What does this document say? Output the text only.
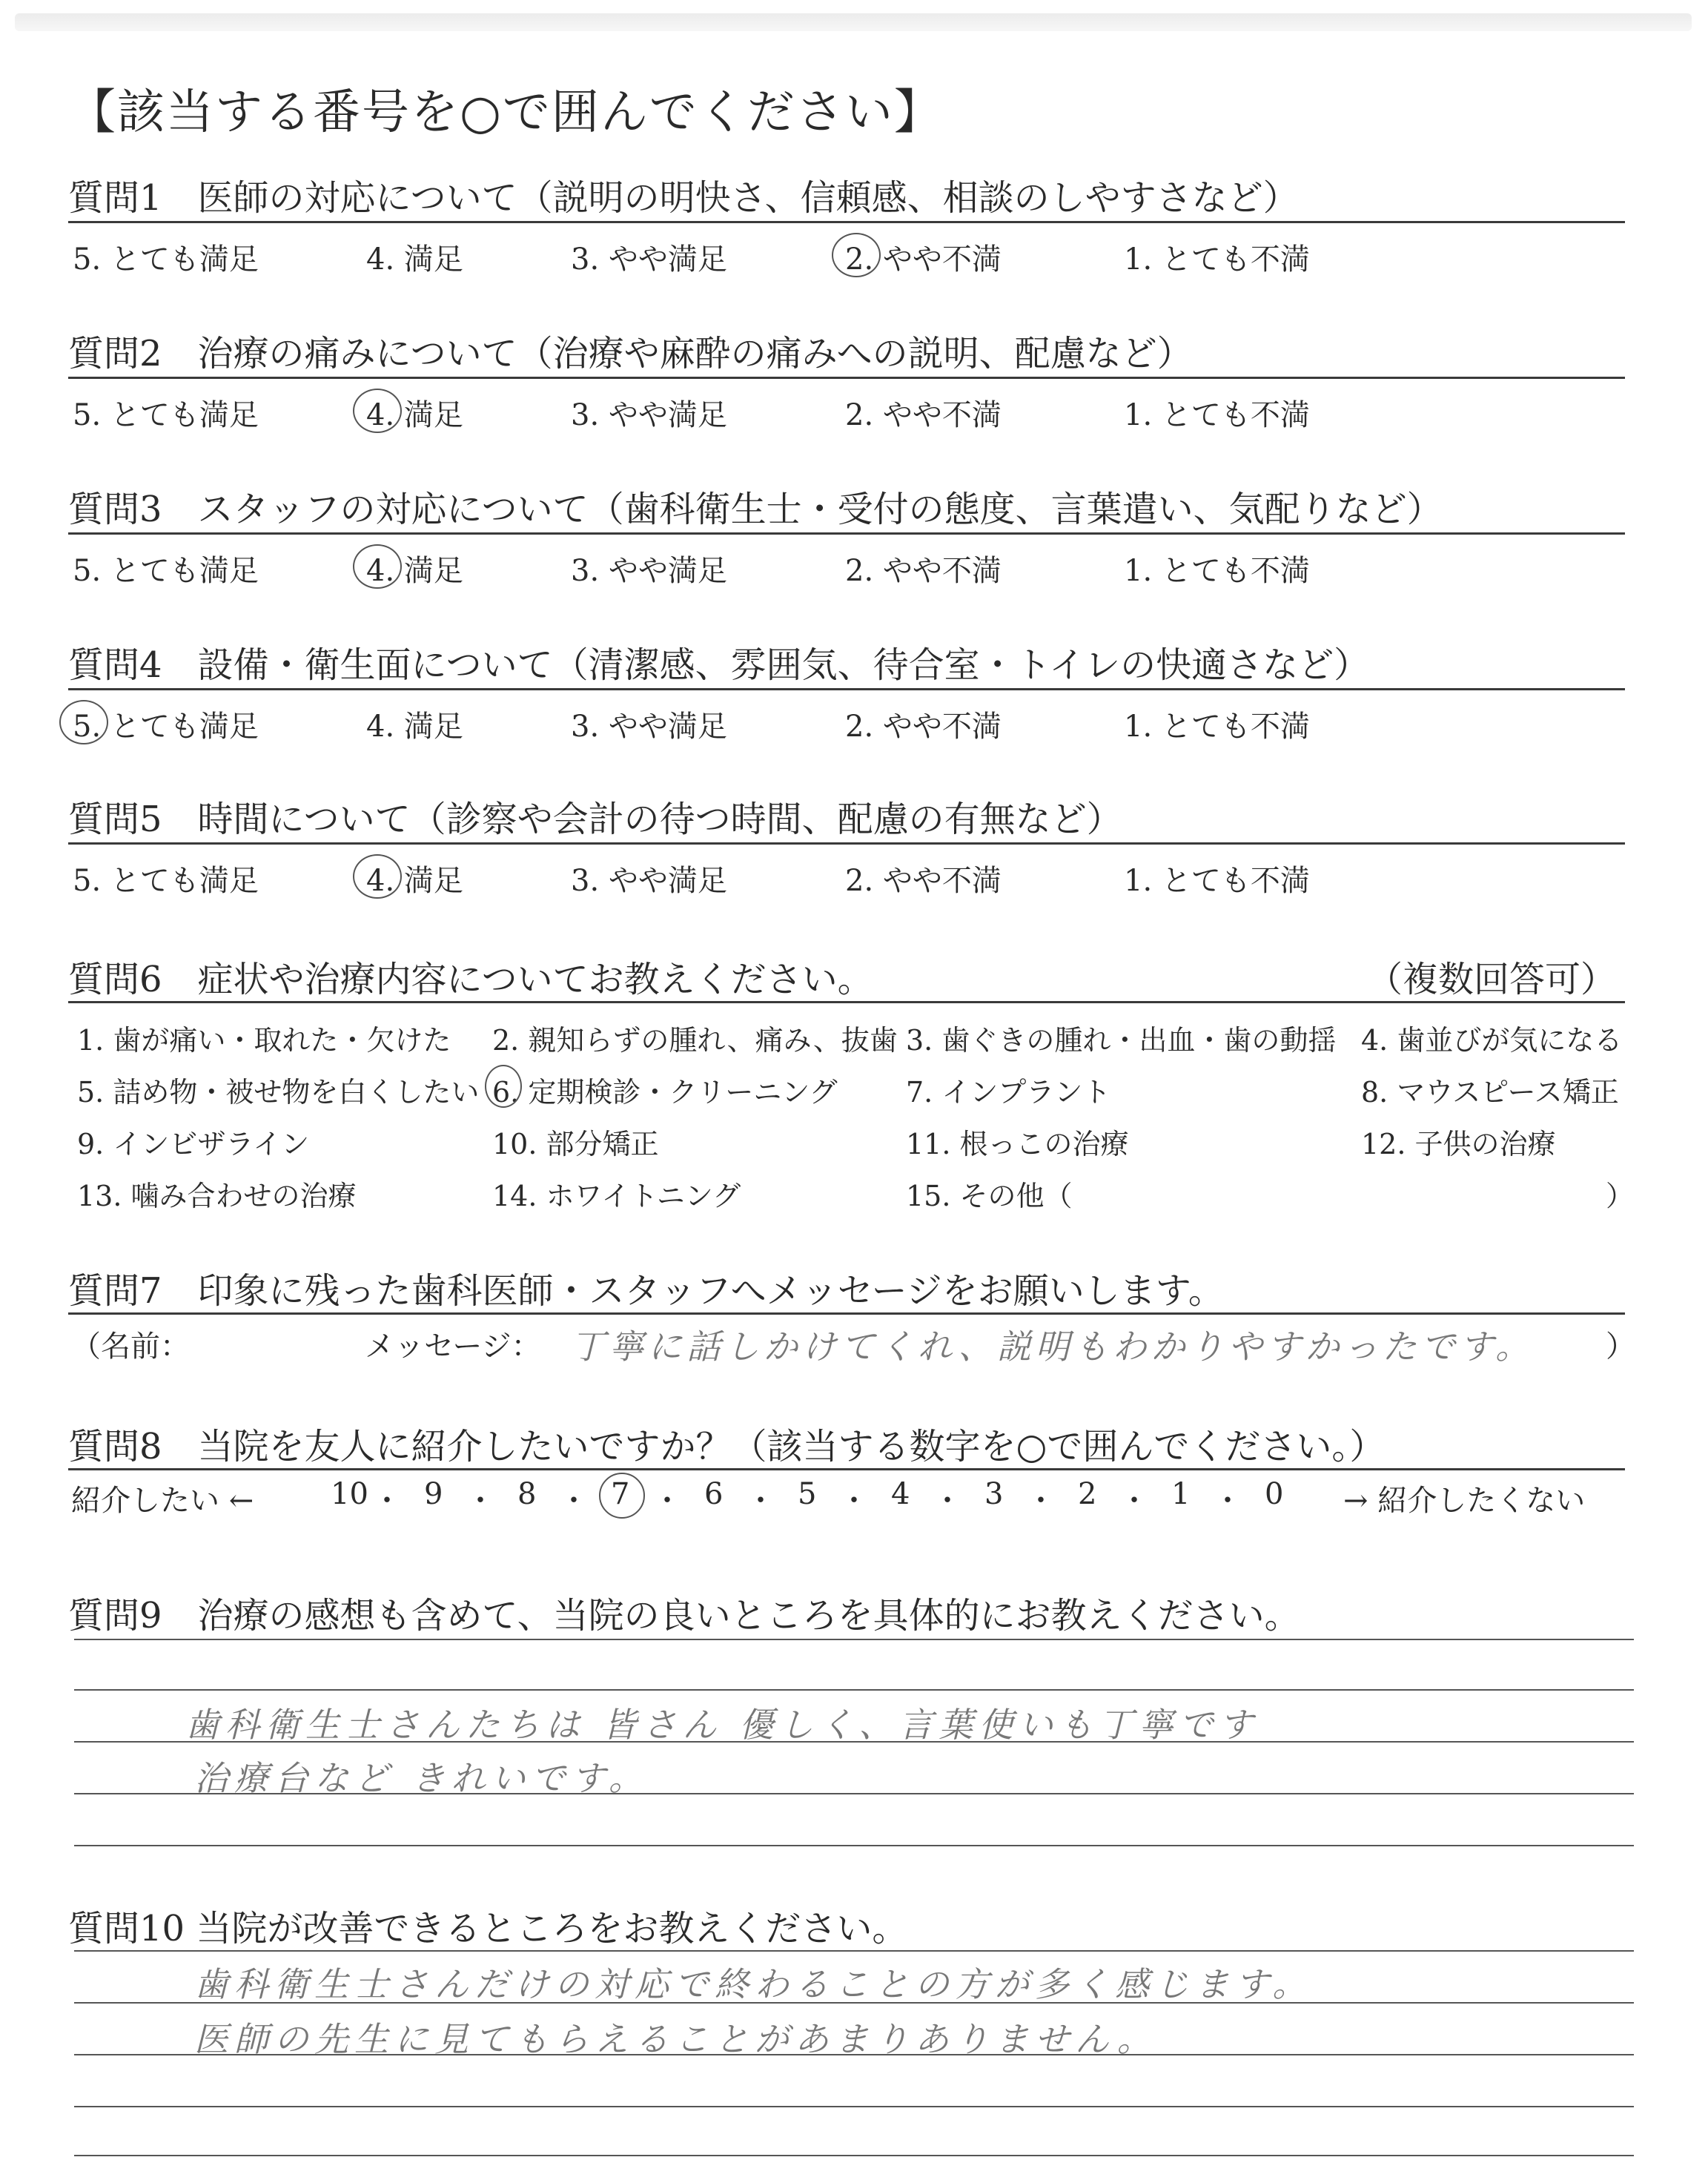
【該当する番号を○で囲んでください】
質問1　医師の対応について（説明の明快さ、信頼感、相談のしやすさなど）
5. とても満足	4. 満足	3. やや満足	2. やや不満	1. とても不満
質問2　治療の痛みについて（治療や麻酔の痛みへの説明、配慮など）
5. とても満足	4. 満足	3. やや満足	2. やや不満	1. とても不満
質問3　スタッフの対応について（歯科衛生士・受付の態度、言葉遣い、気配りなど）
5. とても満足	4. 満足	3. やや満足	2. やや不満	1. とても不満
質問4　設備・衛生面について（清潔感、雰囲気、待合室・トイレの快適さなど）
5. とても満足	4. 満足	3. やや満足	2. やや不満	1. とても不満
質問5　時間について（診察や会計の待つ時間、配慮の有無など）
5. とても満足	4. 満足	3. やや満足	2. やや不満	1. とても不満
質問6　症状や治療内容についてお教えください。	（複数回答可）
1. 歯が痛い・取れた・欠けた 2. 親知らずの腫れ、痛み、抜歯 3. 歯ぐきの腫れ・出血・歯の動揺 4. 歯並びが気になる
5. 詰め物・被せ物を白くしたい 6. 定期検診・クリーニング 7. インプラント	8. マウスピース矯正
9. インビザライン	10. 部分矯正	11. 根っこの治療	12. 子供の治療
13. 噛み合わせの治療	14. ホワイトニング	15. その他（	）
質問7　印象に残った歯科医師・スタッフへメッセージをお願いします。
（名前：	メッセージ： 丁寧に話しかけてくれ、説明もわかりやすかったです。 ）
質問8　当院を友人に紹介したいですか？（該当する数字を○で囲んでください。）
紹介したい ←	10 ・ 9 ・ 8 ・ 7 ・ 6 ・ 5 ・ 4 ・ 3 ・ 2 ・ 1 ・ 0 → 紹介したくない
質問9　治療の感想も含めて、当院の良いところを具体的にお教えください。
歯科衛生士さんたちは 皆さん 優しく、言葉使いも丁寧です
治療台など きれいです。
質問10 当院が改善できるところをお教えください。
歯科衛生士さんだけの対応で終わることの方が多く感じます。
医師の先生に見てもらえることがあまりありません。
